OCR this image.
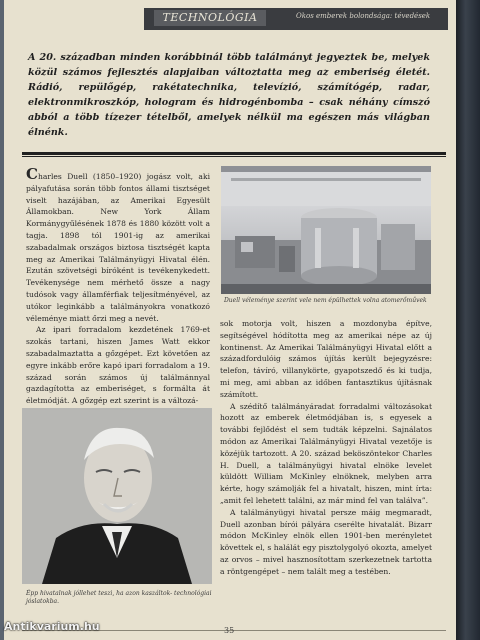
TECHNOLÓGIA	Okos emberek bolondsága: tévedések
A 20. században minden korábbinál több találmányt jegyeztek be, melyek közül számos fejlesztés alapjaiban változtatta meg az emberiség életét. Rádió, repülőgép, rakétatechnika, televízió, számítógép, radar, elektronmikroszkóp, hologram és hidrogénbomba – csak néhány címszó abból a több tízezer tételből, amelyek nélkül ma egészen más világban élnénk.

Charles Duell (1850–1920) jogász volt, aki pályafutása során több fontos állami tisztséget viselt hazájában, az Amerikai Egyesült Államokban. New York Állam Kormánygyűlésének 1878 és 1880 között volt a tagja. 1898 tól 1901-ig az amerikai szabadalmak országos biztosa tisztségét kapta meg az Amerikai Találmányügyi Hivatal élén. Ezután szövetségi bíróként is tevékenykedett. Tevékenysége nem mérhető össze a nagy tudósok vagy államférfiak teljesítményével, az utókor leginkább a találmányokra vonatkozó véleménye miatt őrzi meg a nevét.

Az ipari forradalom kezdetének 1769-et szokás tartani, hiszen James Watt ekkor szabadalmaztatta a gőzgépet. Ezt követően az egyre inkább erőre kapó ipari forradalom a 19. század során számos új találmánnyal gazdagította az emberiséget, s formálta át életmódját. A gőzgép ezt szerint is a változá-

Duell véleménye szerint vele nem épülhettek volna atomerőművek

sok motorja volt, hiszen a mozdonyba építve, segítségével hódította meg az amerikai népe az új kontinenst. Az Amerikai Találmányügyi Hivatal előtt a századfordulóig számos újítás került bejegyzésre: telefon, távíró, villanykörte, gyapotszedő és ki tudja, mi meg, ami abban az időben fantasztikus újításnak számított.

A szédítő találmányáradat forradalmi változásokat hozott az emberek életmódjában is, s egyesek a további fejlődést el sem tudták képzelni. Sajnálatos módon az Amerikai Találmányügyi Hivatal vezetője is közéjük tartozott. A 20. század beköszöntekor Charles H. Duell, a találmányügyi hivatal elnöke levelet küldött William McKinley elnöknek, melyben arra kérte, hogy számolják fel a hivatalt, hiszen, mint írta: „amit fel lehetett találni, az már mind fel van találva”.

A találmányügyi hivatal persze máig megmaradt, Duell azonban bírói pályára cserélte hivatalát. Bizarr módon McKinley elnök ellen 1901-ben merényletet követtek el, s halálát egy pisztolygolyó okozta, amelyet az orvos – mivel hasznosítottam szerkezetnek tartotta a röntgengépet – nem talált meg a testében.

Épp hivatalnak jóllehet teszi, ha azon kaszáltok- technológiai jóslatokba.
35
Antikvarium.hu
